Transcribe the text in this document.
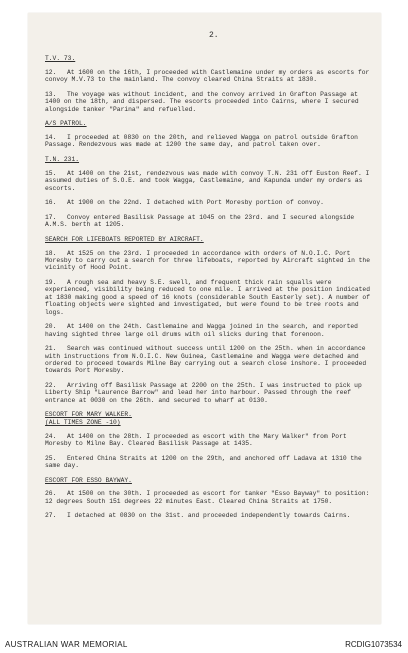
2.
T.V. 73.
12. At 1600 on the 16th, I proceeded with Castlemaine under my orders as escorts for convoy M.V.73 to the mainland. The convoy cleared China Straits at 1830.
13. The voyage was without incident, and the convoy arrived in Grafton Passage at 1400 on the 18th, and dispersed. The escorts proceeded into Cairns, where I secured alongside tanker "Parina" and refuelled.
A/S PATROL.
14. I proceeded at 0830 on the 20th, and relieved Wagga on patrol outside Grafton Passage. Rendezvous was made at 1200 the same day, and patrol taken over.
T.N. 231.
15. At 1400 on the 21st, rendezvous was made with convoy T.N. 231 off Euston Reef. I assumed duties of S.O.E. and took Wagga, Castlemaine, and Kapunda under my orders as escorts.
16. At 1900 on the 22nd. I detached with Port Moresby portion of convoy.
17. Convoy entered Basilisk Passage at 1045 on the 23rd. and I secured alongside A.M.S. berth at 1205.
SEARCH FOR LIFEBOATS REPORTED BY AIRCRAFT.
18. At 1525 on the 23rd. I proceeded in accordance with orders of N.O.I.C. Port Moresby to carry out a search for three lifeboats, reported by Aircraft sighted in the vicinity of Hood Point.
19. A rough sea and heavy S.E. swell, and frequent thick rain squalls were experienced, visibility being reduced to one mile. I arrived at the position indicated at 1830 making good a speed of 16 knots (considerable South Easterly set). A number of floating objects were sighted and investigated, but were found to be tree roots and logs.
20. At 1400 on the 24th. Castlemaine and Wagga joined in the search, and reported having sighted three large oil drums with oil slicks during that forenoon.
21. Search was continued without success until 1200 on the 25th. when in accordance with instructions from N.O.I.C. New Guinea, Castlemaine and Wagga were detached and ordered to proceed towards Milne Bay carrying out a search close inshore. I proceeded towards Port Moresby.
22. Arriving off Basilisk Passage at 2200 on the 25th. I was instructed to pick up Liberty Ship "Laurence Barrow" and lead her into harbour. Passed through the reef entrance at 0030 on the 26th. and secured to wharf at 0130.
ESCORT FOR MARY WALKER.
(ALL TIMES ZONE -10)
24. At 1400 on the 28th. I proceeded as escort with the Mary Walker" from Port Moresby to Milne Bay. Cleared Basilisk Passage at 1435.
25. Entered China Straits at 1200 on the 29th, and anchored off Ladava at 1310 the same day.
ESCORT FOR ESSO BAYWAY.
26. At 1500 on the 30th. I proceeded as escort for tanker "Esso Bayway" to position: 12 degrees South 151 degrees 22 minutes East. Cleared China Straits at 1750.
27. I detached at 0830 on the 31st. and proceeded independently towards Cairns.
AUSTRALIAN WAR MEMORIAL	RCDIG1073534
